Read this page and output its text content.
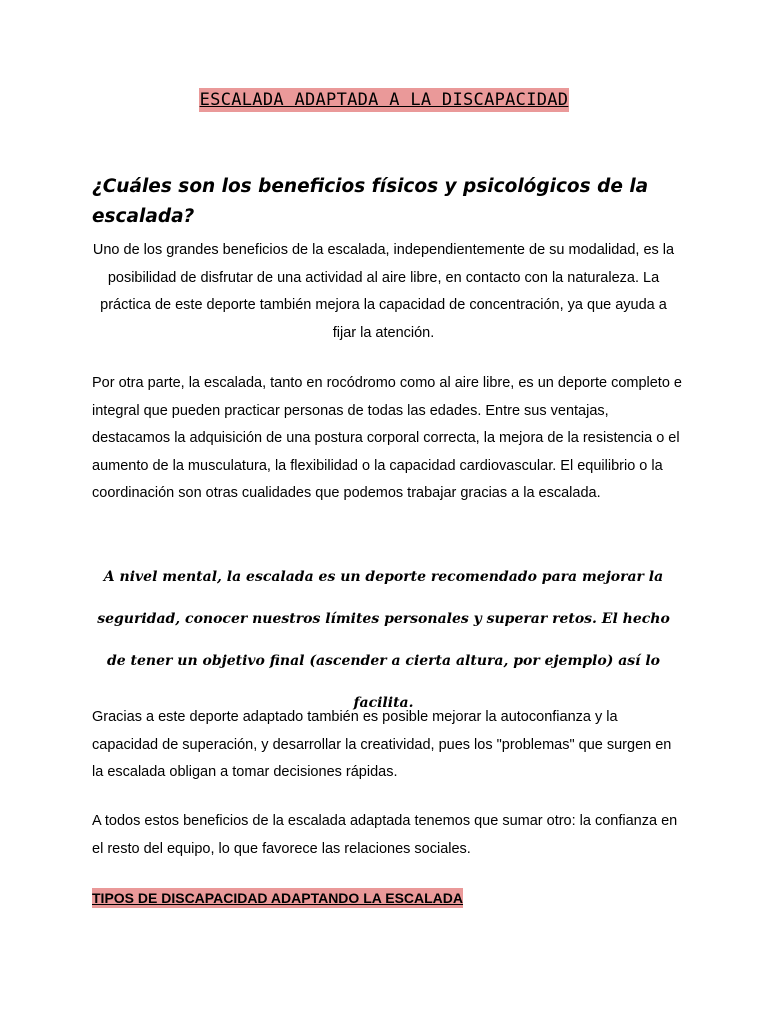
ESCALADA ADAPTADA A LA DISCAPACIDAD
¿Cuáles son los beneficios físicos y psicológicos de la escalada?

Uno de los grandes beneficios de la escalada, independientemente de su modalidad, es la posibilidad de disfrutar de una actividad al aire libre, en contacto con la naturaleza. La práctica de este deporte también mejora la capacidad de concentración, ya que ayuda a fijar la atención.

Por otra parte, la escalada, tanto en rocódromo como al aire libre, es un deporte completo e integral que pueden practicar personas de todas las edades. Entre sus ventajas, destacamos la adquisición de una postura corporal correcta, la mejora de la resistencia o el aumento de la musculatura, la flexibilidad o la capacidad cardiovascular. El equilibrio o la coordinación son otras cualidades que podemos trabajar gracias a la escalada.

A nivel mental, la escalada es un deporte recomendado para mejorar la seguridad, conocer nuestros límites personales y superar retos. El hecho de tener un objetivo final (ascender a cierta altura, por ejemplo) así lo facilita.

Gracias a este deporte adaptado también es posible mejorar la autoconfianza y la capacidad de superación, y desarrollar la creatividad, pues los "problemas" que surgen en la escalada obligan a tomar decisiones rápidas.

A todos estos beneficios de la escalada adaptada tenemos que sumar otro: la confianza en el resto del equipo, lo que favorece las relaciones sociales.

TIPOS DE DISCAPACIDAD ADAPTANDO LA ESCALADA
